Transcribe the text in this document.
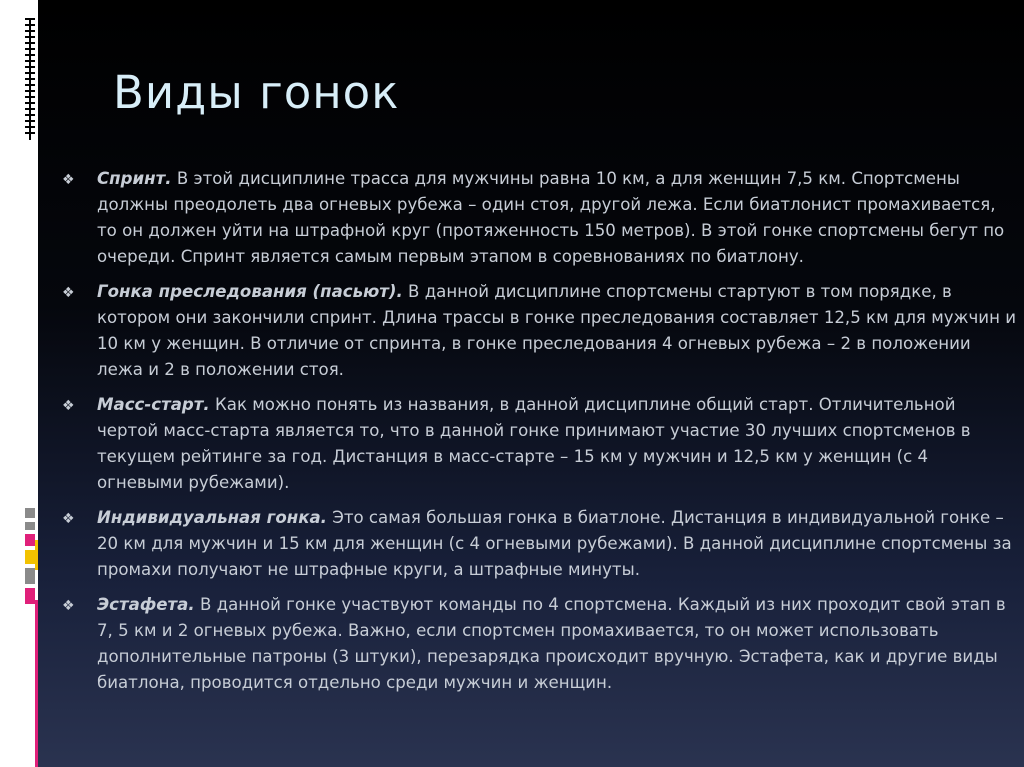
Виды гонок
❖ Спринт. В этой дисциплине трасса для мужчины равна 10 км, а для женщин 7,5 км. Спортсмены должны преодолеть два огневых рубежа – один стоя, другой лежа. Если биатлонист промахивается, то он должен уйти на штрафной круг (протяженность 150 метров). В этой гонке спортсмены бегут по очереди. Спринт является самым первым этапом в соревнованиях по биатлону.
❖ Гонка преследования (пасьют). В данной дисциплине спортсмены стартуют в том порядке, в котором они закончили спринт. Длина трассы в гонке преследования составляет 12,5 км для мужчин и 10 км у женщин. В отличие от спринта, в гонке преследования 4 огневых рубежа – 2 в положении лежа и 2 в положении стоя.
❖ Масс-старт. Как можно понять из названия, в данной дисциплине общий старт. Отличительной чертой масс-старта является то, что в данной гонке принимают участие 30 лучших спортсменов в текущем рейтинге за год. Дистанция в масс-старте – 15 км у мужчин и 12,5 км у женщин (с 4 огневыми рубежами).
❖ Индивидуальная гонка. Это самая большая гонка в биатлоне. Дистанция в индивидуальной гонке – 20 км для мужчин и 15 км для женщин (с 4 огневыми рубежами). В данной дисциплине спортсмены за промахи получают не штрафные круги, а штрафные минуты.
❖ Эстафета. В данной гонке участвуют команды по 4 спортсмена. Каждый из них проходит свой этап в 7, 5 км и 2 огневых рубежа. Важно, если спортсмен промахивается, то он может использовать дополнительные патроны (3 штуки), перезарядка происходит вручную. Эстафета, как и другие виды биатлона, проводится отдельно среди мужчин и женщин.
